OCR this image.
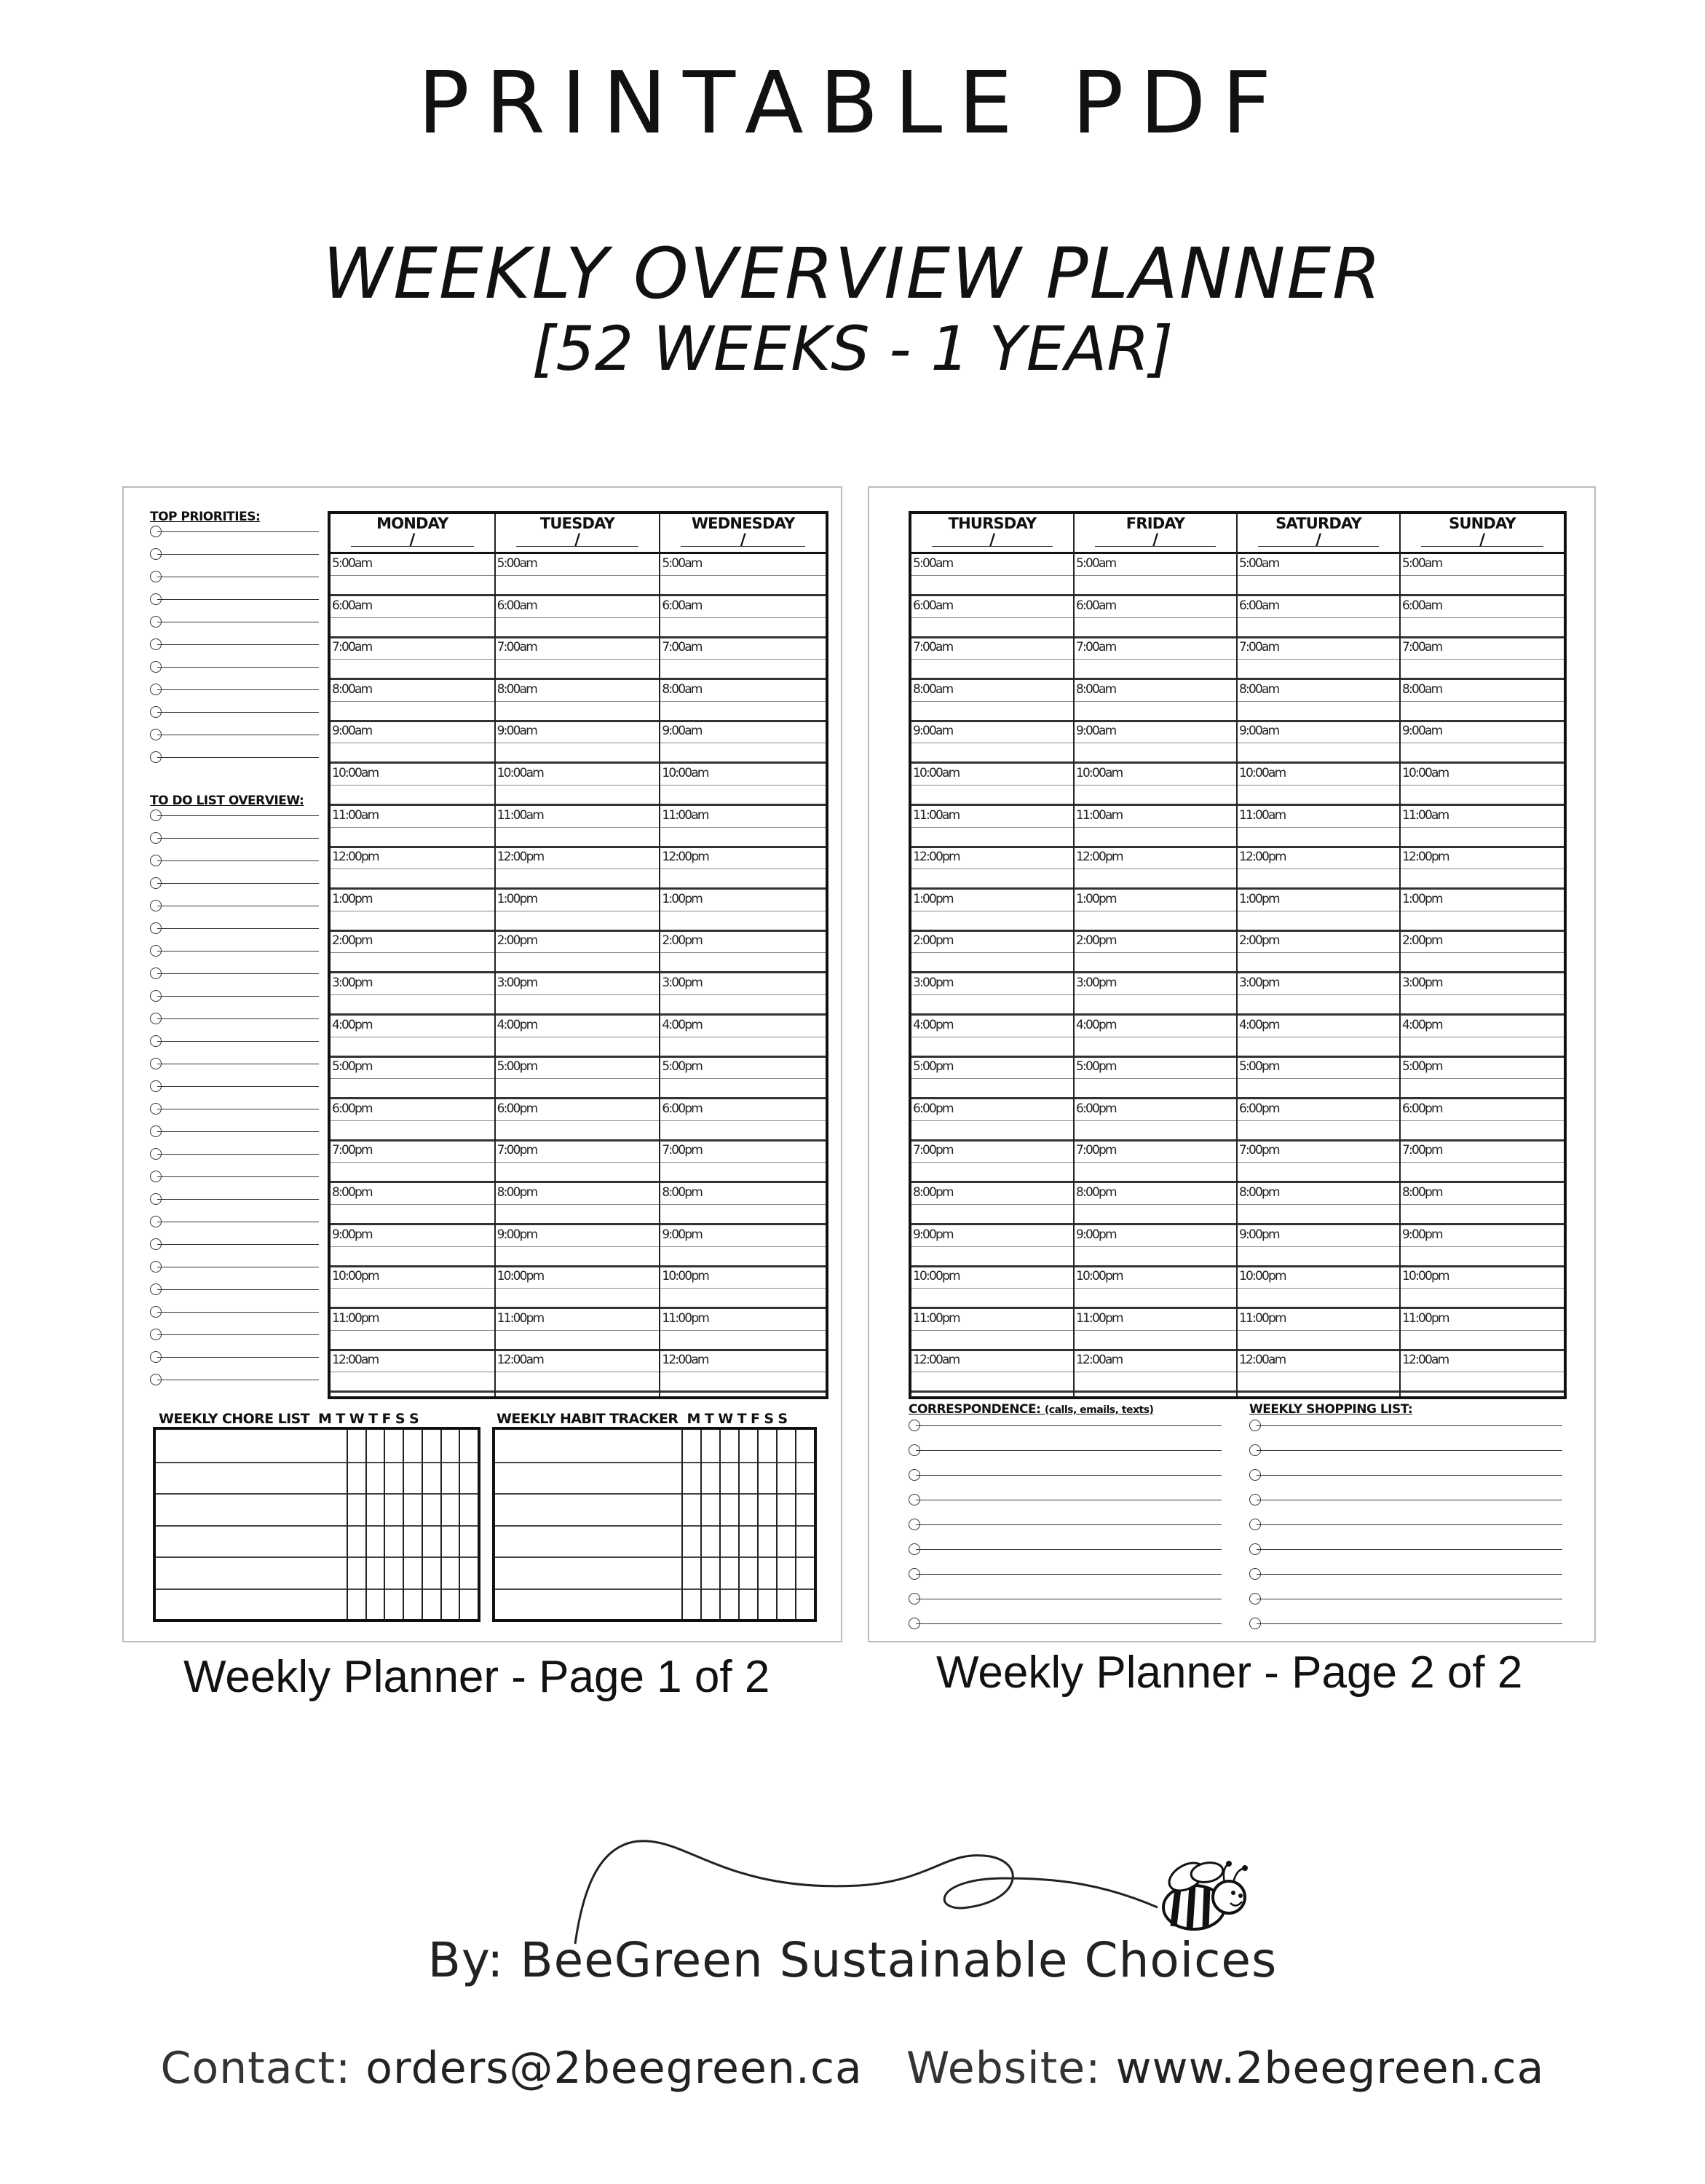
PRINTABLE PDF
WEEKLY OVERVIEW PLANNER
[52 WEEKS - 1 YEAR]
TOP PRIORITIES:
TO DO LIST OVERVIEW:
MONDAY
/
5:00am
6:00am
7:00am
8:00am
9:00am
10:00am
11:00am
12:00pm
1:00pm
2:00pm
3:00pm
4:00pm
5:00pm
6:00pm
7:00pm
8:00pm
9:00pm
10:00pm
11:00pm
12:00am
TUESDAY
/
5:00am
6:00am
7:00am
8:00am
9:00am
10:00am
11:00am
12:00pm
1:00pm
2:00pm
3:00pm
4:00pm
5:00pm
6:00pm
7:00pm
8:00pm
9:00pm
10:00pm
11:00pm
12:00am
WEDNESDAY
/
5:00am
6:00am
7:00am
8:00am
9:00am
10:00am
11:00am
12:00pm
1:00pm
2:00pm
3:00pm
4:00pm
5:00pm
6:00pm
7:00pm
8:00pm
9:00pm
10:00pm
11:00pm
12:00am
WEEKLY CHORE LIST M T W T F S S	WEEKLY HABIT TRACKER M T W T F S S
Weekly Planner - Page 1 of 2
THURSDAY
/
5:00am
6:00am
7:00am
8:00am
9:00am
10:00am
11:00am
12:00pm
1:00pm
2:00pm
3:00pm
4:00pm
5:00pm
6:00pm
7:00pm
8:00pm
9:00pm
10:00pm
11:00pm
12:00am
FRIDAY
/
5:00am
6:00am
7:00am
8:00am
9:00am
10:00am
11:00am
12:00pm
1:00pm
2:00pm
3:00pm
4:00pm
5:00pm
6:00pm
7:00pm
8:00pm
9:00pm
10:00pm
11:00pm
12:00am
SATURDAY
/
5:00am
6:00am
7:00am
8:00am
9:00am
10:00am
11:00am
12:00pm
1:00pm
2:00pm
3:00pm
4:00pm
5:00pm
6:00pm
7:00pm
8:00pm
9:00pm
10:00pm
11:00pm
12:00am
SUNDAY
/
5:00am
6:00am
7:00am
8:00am
9:00am
10:00am
11:00am
12:00pm
1:00pm
2:00pm
3:00pm
4:00pm
5:00pm
6:00pm
7:00pm
8:00pm
9:00pm
10:00pm
11:00pm
12:00am
CORRESPONDENCE: (calls, emails, texts)	WEEKLY SHOPPING LIST:
Weekly Planner - Page 2 of 2
By: BeeGreen Sustainable Choices
Contact: orders@2beegreen.ca Website: www.2beegreen.ca
